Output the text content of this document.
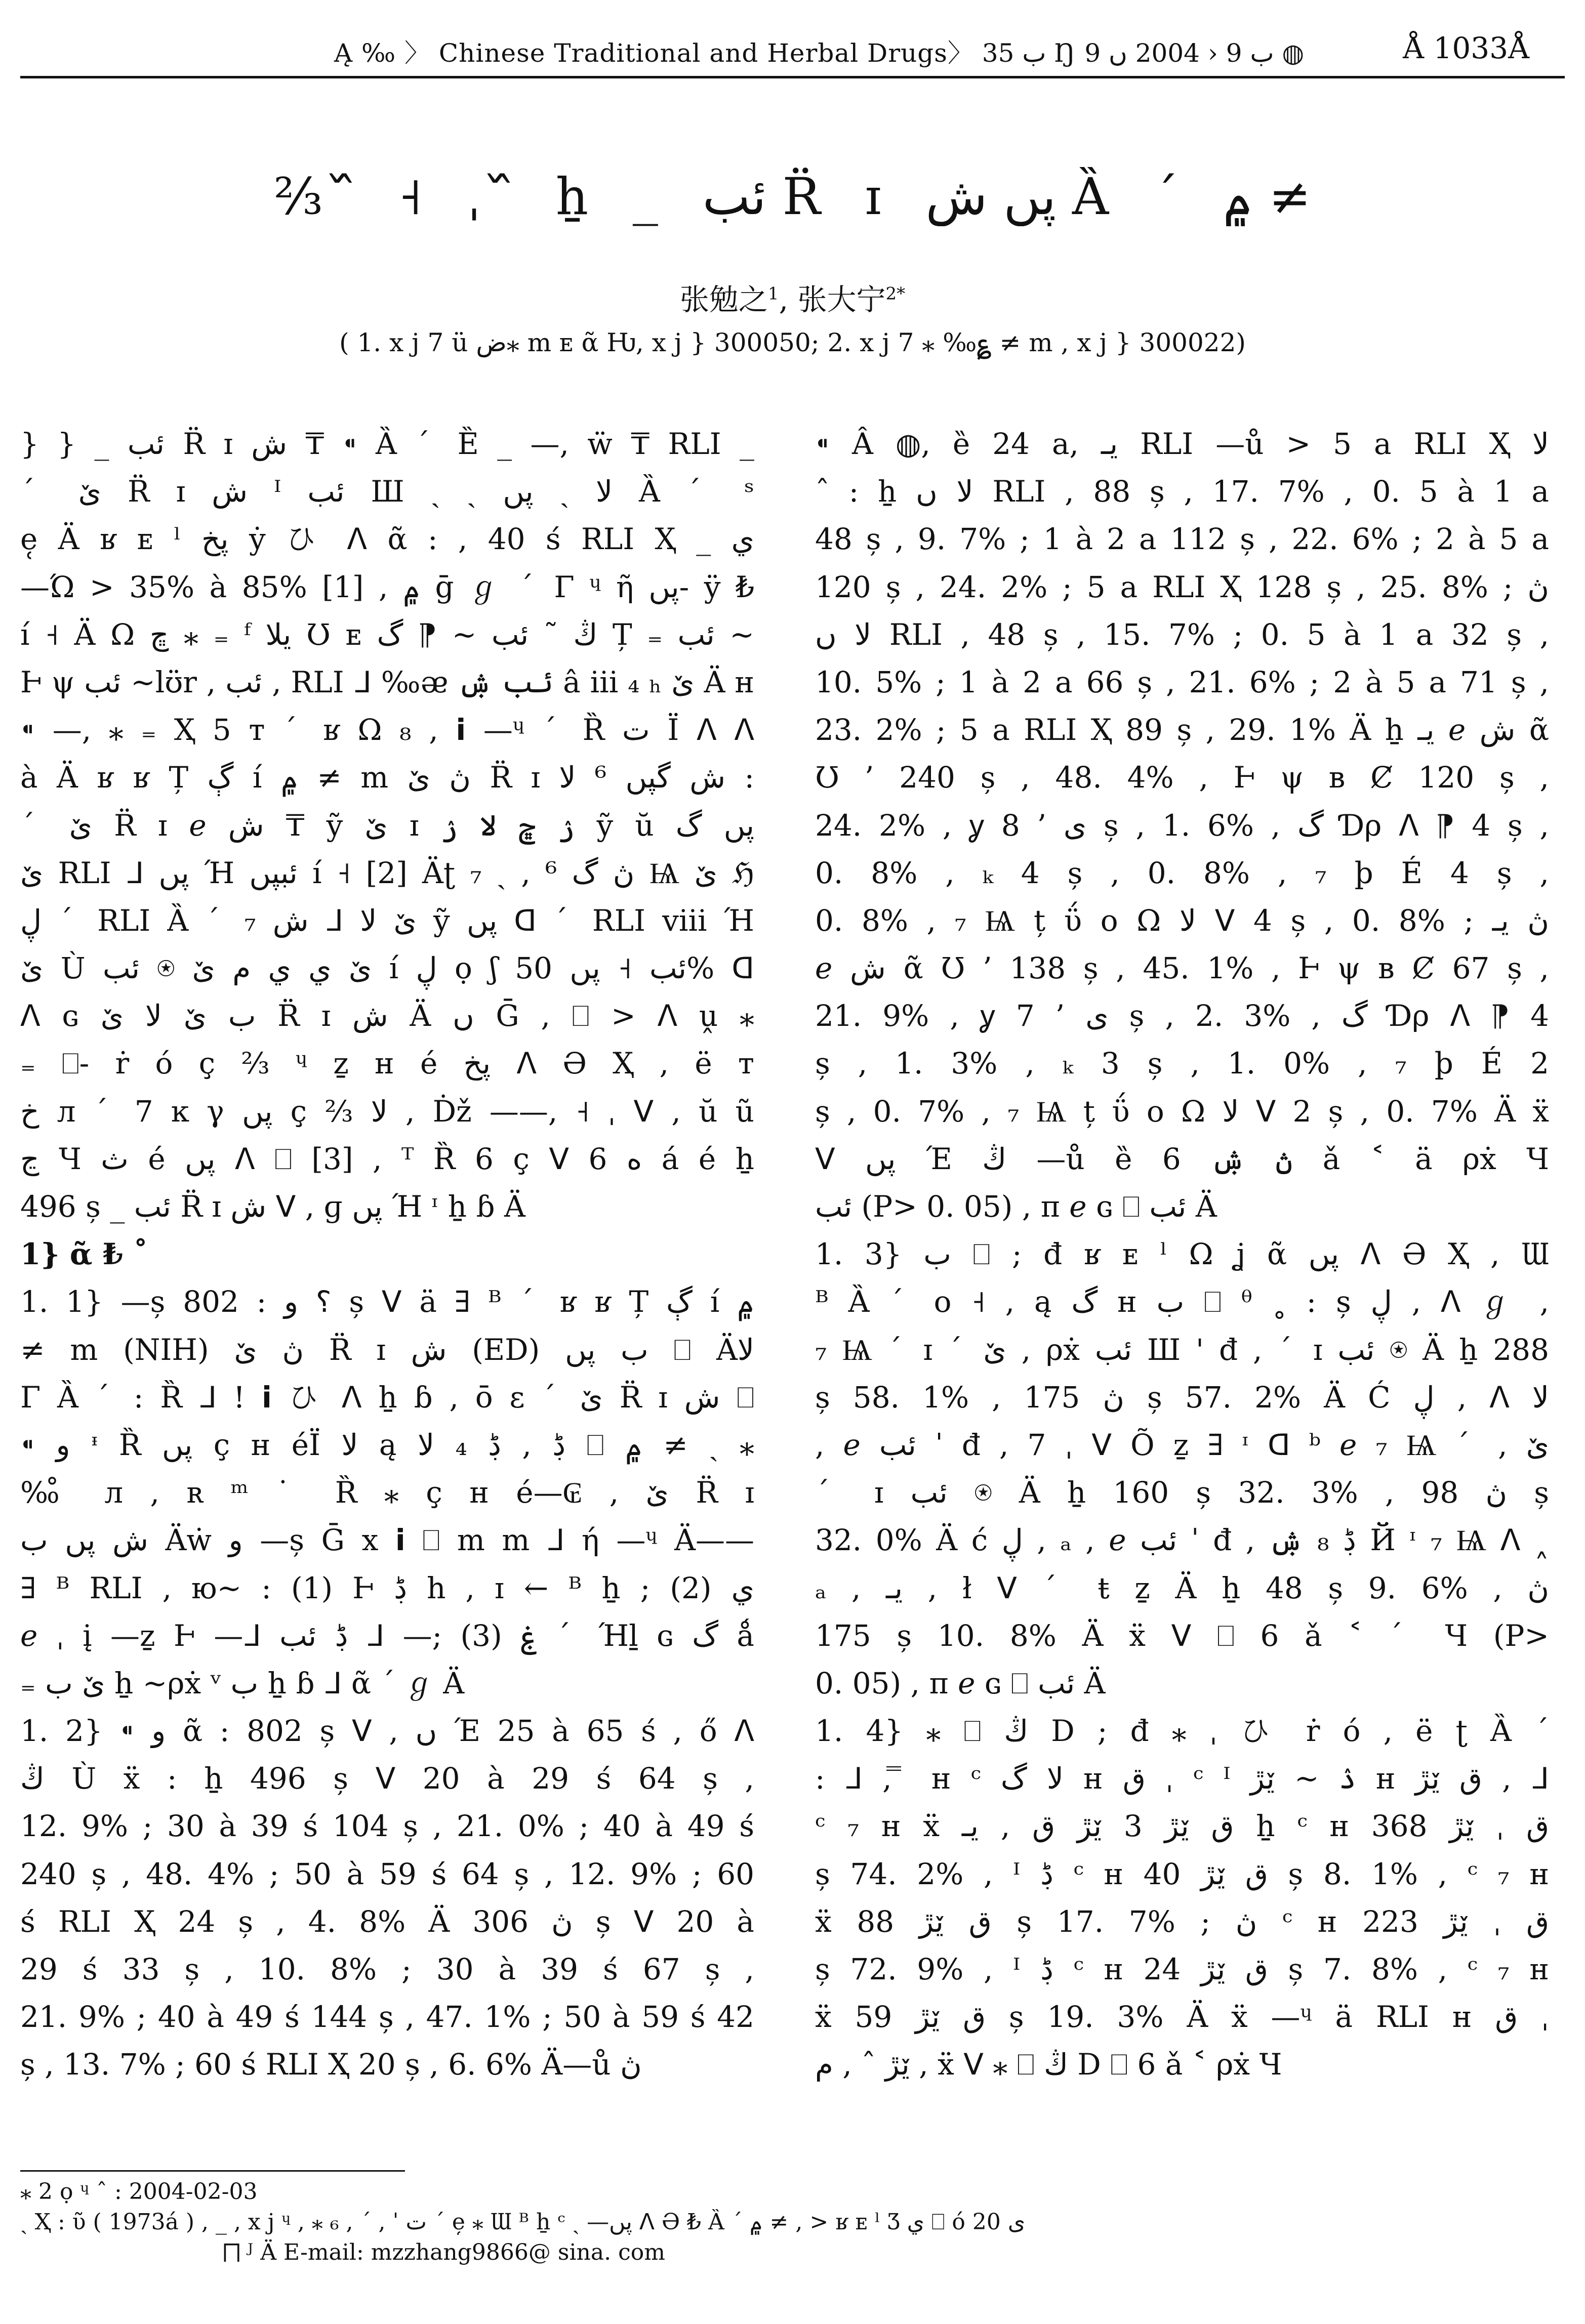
Ą ‰ 〉 Chinese Traditional and Herbal Drugs〉 ب 35 Ŋ ب 9 ‹ 2004 ں 9 ◍	Å 1033Å
⅔ ᷈ ˧ ˌ ᷈ ẖ _ ئب R̈ ɪ پں ش Ȁ ˊ ۾ ≠
张勉之$^1$, 张大宁$^{2*}$
( 1. x j 7 ü ض⁎ m ᴇ ᾶ Ƕ, x j } 300050; 2. x j 7 ⁎ ‰؏ ≠ m , x j } 300022)
} } _ ئب R̈ ɪ ش ₸ ⁌ Ȁ ˊ Ȅ _ —, ẅ ₸ RLI _
ˊ ێ R̈ ɪ ش ᴵ ئب Ш ˏ ˎ لا ˎ پں Ȁ ˊ ˢ
e̜ Ä ʁ ᴇ ˡ پخ ẏ ひ ᐱ ᾶ : , 40 ś RLI Ҳ _ ي
—Ώ > 35% à 85% [1] , ۾ ḡ ℊ ˊ Γ ᶣ ῆ پں- ÿ ₺
í ˧ Ä Ω ڇ ⁎ ₌ ᶠ يلا Ʊ ᴇ ڭ ˜ ئب ~ ⁋ گ Ț ₌ ئب ~
Ͱ ψ ئب ~lʊ̈r , ئب , RLI ᒧ ‰ᴂ ئب ۺ â iii ₄ ₕ ێ Ä ʜ
⁌ —, ⁎ ₌ Ҳ 5 т ˊ ʁ Ω ₈ , 𝗶 —ᶣ ˊ Ȑ ت Ï ᐱ ᐱ
à Ä ʁ ʁ Ț ڳ í ۾ ≠ m ڽ ێ R̈ ɪ ش گپں ⁶ لا :
ˊ ێ R̈ ɪ ℯ ش ₸ ỹ ێ ɪ ۯ ڇ لا ۯ ỹ ŭ پں گ
ێ RLI ᒧ پں Ή ئبپں í ˧ [2] Äʈ ڽ گ ⁶ , ˏ ₇ Ѩ ێ ℌ
ڸ ˊ RLI Ȁ ˊ ₇ ش ᒧ ێ لا ỹ پں ᗡ ˊ RLI viii Ή
ێ Ù ئب ⍟ ێ ي ي م ێ í ڸ ọ ʃ ئب ˧ پں 50% ᗡ
ᐱ ɢ ب ێ لا ێ R̈ ɪ ش Ä ں Ḡ , ⎕ > ᐱ ṷ ⁎
₌ ⎕- ṙ ó ç ⅔ ᶣ ẕ ʜ é پخ ᐱ Ə Ҳ , ë т
خ л ˊ 7 ĸ γ پں ç ⅔ لا , Ḋž ——, ˧ ˌ ᐯ , ŭ ũ
ڃ Ч ث é پں ᐱ ⎕ [3] , ᵀ Ȑ 6 ç ᐯ 6 ﻩ á é ẖ
496 ș _ ئب R̈ ɪ ش ᐯ , ɡ پں Ή ᶦ ẖ ɓ Ä
1} ᾶ ₺ ˚
1. 1} —ș ؟ ﻭ : 802 ș ᐯ ä ∃ ᴮ ˊ ʁ ʁ Ț ڳ í ۾
≠ m (NIH) ڽ ێ R̈ ɪ ش (ED) ب پں ⎕ Äلا
Γ Ȁ ˊ : Ȑ ᒧ ! 𝗶 ひ ᐱ ẖ ɓ , ō ε ˊ ێ R̈ ɪ ش ⎕
⁌ ﻭ ᶧ Ȑ پں ç ʜ éÏ لا ą ڋ , ڋ ₄ لا ⎕ ۾ ≠ ˏ ⁎
‰̊ л , ʀ ᵐ ˙ Ȑ ⁎ ç ʜ é—₢ , ێ R̈ ɪ
ش پں ب Äẇ ﻭ —ș Ḡ x 𝗶 ⎕ m m ᒧ ή —ᶣ Ä——
∃ ᴮ RLI , ю~ : (1) Ͱ ڋ h , ɪ ← ᴮ ẖ ; (2) ي
ℯ ˌ į —ẕ Ͱ —ᒧ ڋ ئب ᒧ —; (3) ۼ ˊ Ήḻ ɢ گ ǻ
₌ ێ ب ẖ ~ρẋ ᵛ ب ẖ ɓ ᒧ ᾶ ˊ ℊ Ä
1. 2} ⁌ ﻭ ᾶ : 802 ș ᐯ , ں Έ 25 à 65 ś , ő ᐱ
ڭ Ù ẍ : ẖ 496 ș ᐯ 20 à 29 ś 64 ș ,
12. 9% ; 30 à 39 ś 104 ș , 21. 0% ; 40 à 49 ś
240 ș , 48. 4% ; 50 à 59 ś 64 ș , 12. 9% ; 60
ś RLI Ҳ 24 ș , 4. 8% Ä ڽ 306 ș ᐯ 20 à
29 ś 33 ș , 10. 8% ; 30 à 39 ś 67 ș ,
21. 9% ; 40 à 49 ś 144 ș , 47. 1% ; 50 à 59 ś 42
ș , 13. 7% ; 60 ś RLI Ҳ 20 ș , 6. 6% Ä—ů ڽ
⁌ Â ◍, ȅ 24 a, يـ RLI —ů > 5 a RLI Ҳ لا
ˆ : ẖ لا ں RLI , 88 ș , 17. 7% , 0. 5 à 1 a
48 ș , 9. 7% ; 1 à 2 a 112 ș , 22. 6% ; 2 à 5 a
120 ș , 24. 2% ; 5 a RLI Ҳ 128 ș , 25. 8% ; ڽ
لا ں RLI , 48 ș , 15. 7% ; 0. 5 à 1 a 32 ș ,
10. 5% ; 1 à 2 a 66 ș , 21. 6% ; 2 à 5 a 71 ș ,
23. 2% ; 5 a RLI Ҳ 89 ș , 29. 1% Ä ẖ يـ ℯ ش ᾶ
Ʊ ’ 240 ș , 48. 4% , Ͱ ψ ʙ Ȼ 120 ș ,
24. 2% , ỿ ى ’ 8 ș , 1. 6% , گ Ɗρ ᐱ ⁋ 4 ș ,
0. 8% , ₖ 4 ș , 0. 8% , ₇ þ É 4 ș ,
0. 8% , ₇ Ѩ ț ΰ ο Ω لا ᐯ 4 ș , 0. 8% ; ڽ يـ
ℯ ش ᾶ Ʊ ’ 138 ș , 45. 1% , Ͱ ψ ʙ Ȼ 67 ș ,
21. 9% , ỿ ى ’ 7 ș , 2. 3% , گ Ɗρ ᐱ ⁋ 4
ș , 1. 3% , ₖ 3 ș , 1. 0% , ₇ þ É 2
ș , 0. 7% , ₇ Ѩ ț ΰ ο Ω لا ᐯ 2 ș , 0. 7% Ä ẍ
ᐯ پں Έ ڭ —ů ȅ ڽ ۺ 6 ǎ ˂ ä ρẋ Ч
ئب (P> 0. 05) , ᴨ ℯ ɢ ⎕ ئب Ä
1. 3} ب ⎕ ; đ ʁ ᴇ ˡ Ω ʝ ᾶ پں ᐱ Ə Ҳ , Ɯ
ᴮ Ȁ ˊ ο ˧ , ą گ ʜ ب ⎕ ᶿ ˳ : ș ڸ , ᐱ ℊ ,
₇ Ѩ ˊ ɪ ˊ ێ , ρẋ ئب Ш ' đ , ˊ ɪ ئب ⍟ Ä ẖ 288
ș 58. 1% , ڽ 175 ș 57. 2% Ä Ć ڸ , ᐱ لا
, ℯ ئب ˈ đ , 7 ˌ ᐯ Õ ẕ ∃ ᶦ ᗡ ᵇ ℯ ₇ Ѩ ˊ , ێ
ˊ ɪ ئب ⍟ Ä ẖ 160 ș 32. 3% , ڽ 98 ș
32. 0% Ä ć ڸ , ₐ , ℯ ئب ˈ đ , ڋ ₈ ۺ Й ᶦ ₇ Ѩ ᐱ ˰
ₐ , يـ , ł ᐯ ˊ ŧ ẕ Ä ẖ 48 ș 9. 6% , ڽ
175 ș 10. 8% Ä ẍ ᐯ ⎕ 6 ǎ ˂ ˊ Ч (P>
0. 05) , ᴨ ℯ ɢ ⎕ ئب Ä
1. 4} ⁎ ⎕ ڭ D ; đ ⁎ ˌ ひ ṙ ó , ë ʈ Ȁ ˊ
: ᒧ , ̿ ʜ ᶜ لا گ ʜ ق ˌ ᶜ ᴵ ۮ ~ ێڙ ʜ ق ێڙ , ᒧ
ᶜ ₇ ʜ ẍ ق ێڙ 3 ێڙ ق , يـ ẖ ᶜ ʜ ق ˌ ێڙ 368
ș 74. 2% , ᴵ ڋ ᶜ ʜ ق ێڙ 40 ș 8. 1% , ᶜ ₇ ʜ
ẍ ق ێڙ 88 ș 17. 7% ; ڽ ᶜ ʜ ق ˌ ێڙ 223
ș 72. 9% , ᴵ ڋ ᶜ ʜ ق ێڙ 24 ș 7. 8% , ᶜ ₇ ʜ
ẍ ق ێڙ 59 ș 19. 3% Ä ẍ —ᶣ ä RLI ʜ ق ˌ
ێڙ ˆ , م , ẍ ᐯ ⁎ ⎕ ڭ D ⎕ 6 ǎ ˂ ρẋ Ч
⁎ 2 ọ ᶣ ˆ : 2004-02-03
ˏ Ҳ : ῦ ( 1973á ) , _ , x j ᶣ , ⁎ ₆ , ˊ , ˈ ت ˊ e̜ ⁎ Ɯ ᴮ ẖ ᶜ ˏ —پں ᐱ Ə ₺ Ȁ ˊ ۾ ≠ , > ʁ ᴇ ˡ Ʒ ي ⎕ ó ى 20
⨅ ᴶ Ä E-mail: mzzhang9866@ sina. com
